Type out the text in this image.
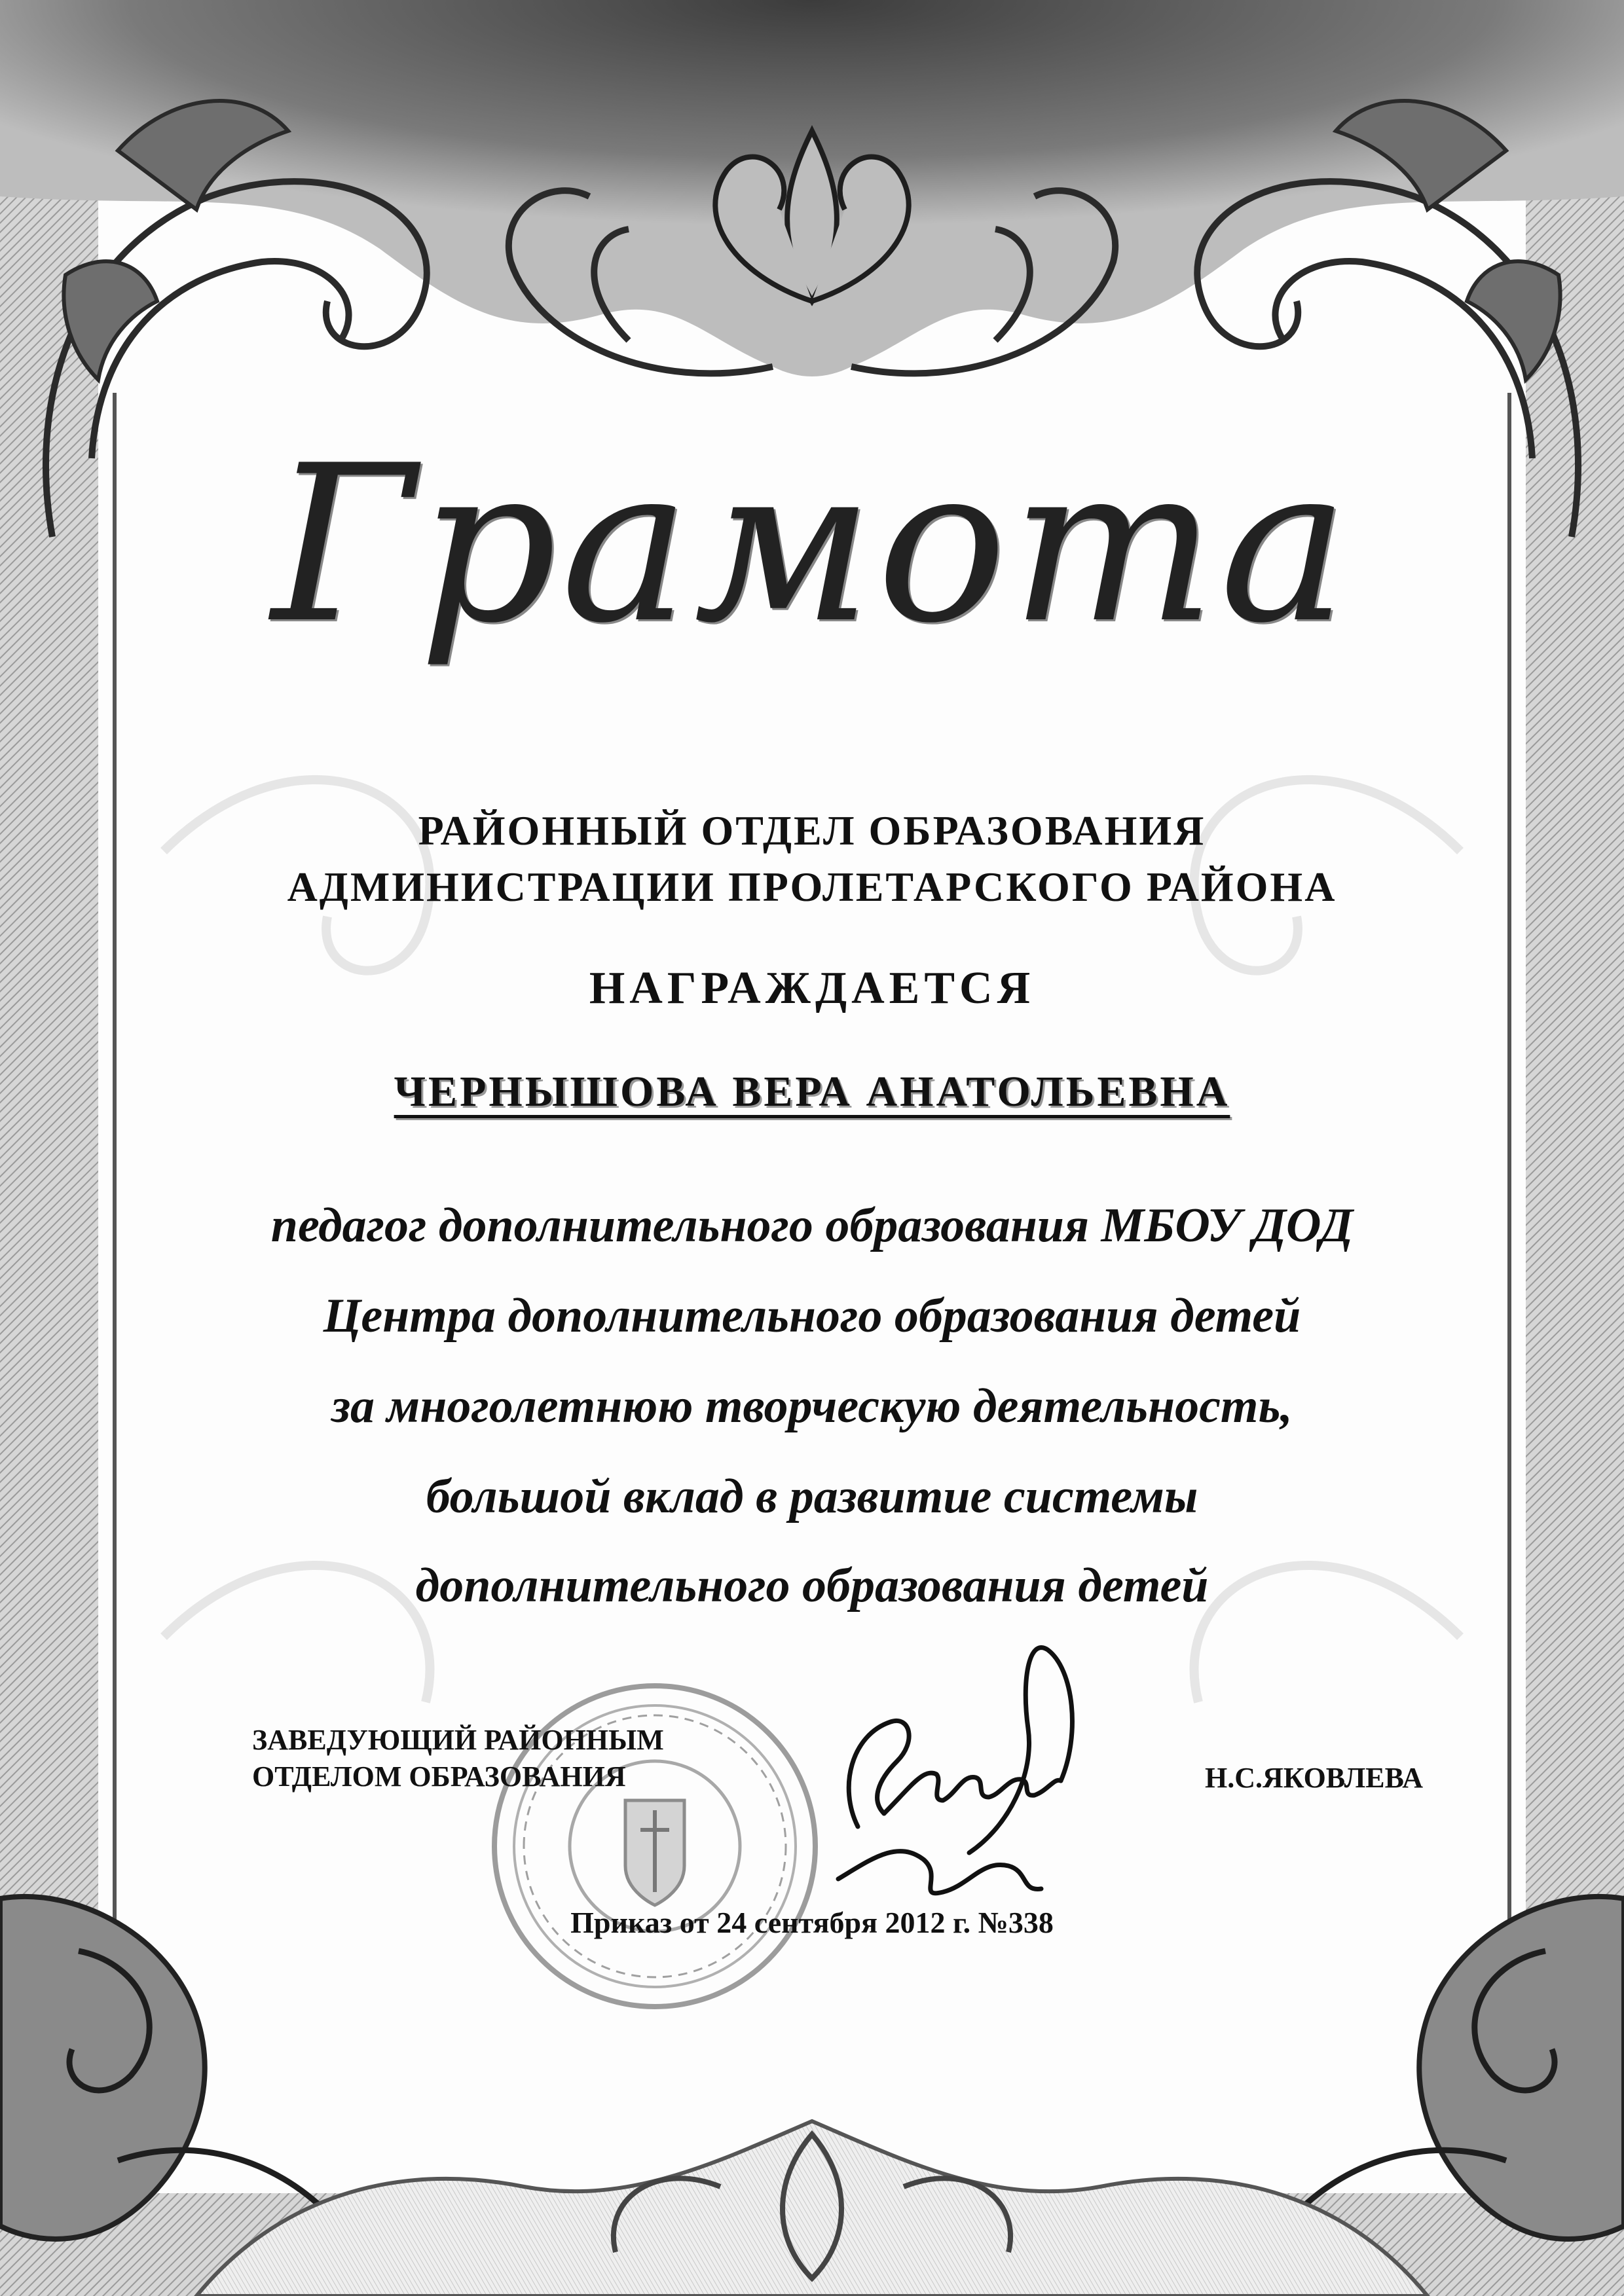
Грамота
РАЙОННЫЙ ОТДЕЛ ОБРАЗОВАНИЯ
АДМИНИСТРАЦИИ ПРОЛЕТАРСКОГО РАЙОНА
НАГРАЖДАЕТСЯ
ЧЕРНЫШОВА ВЕРА АНАТОЛЬЕВНА
педагог дополнительного образования МБОУ ДОД
Центра дополнительного образования детей
за многолетнюю творческую деятельность,
большой вклад в развитие системы
дополнительного образования детей
ЗАВЕДУЮЩИЙ РАЙОННЫМ
ОТДЕЛОМ ОБРАЗОВАНИЯ	Н.С.ЯКОВЛЕВА
Приказ от 24 сентября 2012 г. №338
